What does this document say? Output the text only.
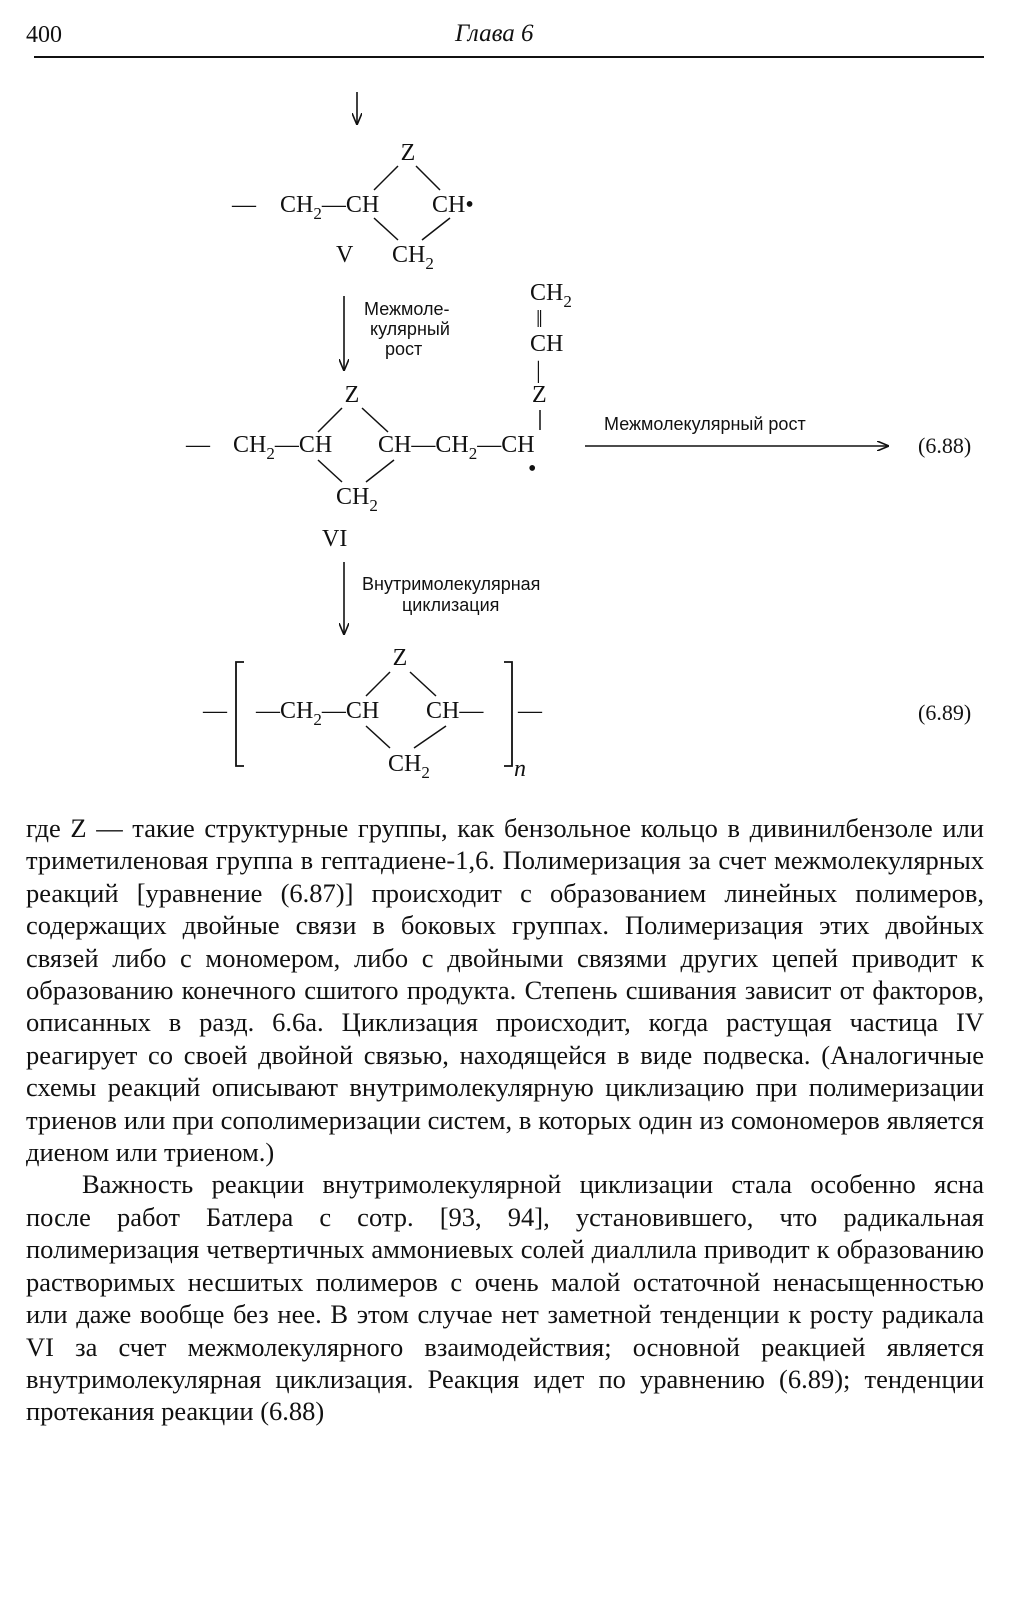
400	Глава 6
Z
— $CH_2—CH$ CH•
V $CH_2$
Межмоле-
кулярный
рост
$CH_2$
‖
CH
|
Z
Z
— $CH_2—CH$ $CH—CH_2—CH$
•
$CH_2$
VI
Межмолекулярный рост
(6.88)
Внутримолекулярная
циклизация
—	—
Z
$—CH_2—CH$ CH—
$CH_2$	n
(6.89)

где Z — такие структурные группы, как бензольное кольцо в дивинилбензоле или триметиленовая группа в гептадиене-1,6. Полимеризация за счет межмолекулярных реакций [уравнение (6.87)] происходит с образованием линейных полимеров, содержащих двойные связи в боковых группах. Полимеризация этих двойных связей либо с мономером, либо с двойными связями других цепей приводит к образованию конечного сшитого продукта. Степень сшивания зависит от факторов, описанных в разд. 6.6а. Циклизация происходит, когда растущая частица IV реагирует со своей двойной связью, находящейся в виде подвеска. (Аналогичные схемы реакций описывают внутримолекулярную циклизацию при полимеризации триенов или при сополимеризации систем, в которых один из сомономеров является диеном или триеном.)

Важность реакции внутримолекулярной циклизации стала особенно ясна после работ Батлера с сотр. [93, 94], установившего, что радикальная полимеризация четвертичных аммониевых солей диаллила приводит к образованию растворимых несшитых полимеров с очень малой остаточной ненасыщенностью или даже вообще без нее. В этом случае нет заметной тенденции к росту радикала VI за счет межмолекулярного взаимодействия; основной реакцией является внутримолекулярная циклизация. Реакция идет по уравнению (6.89); тенденции протекания реакции (6.88)
